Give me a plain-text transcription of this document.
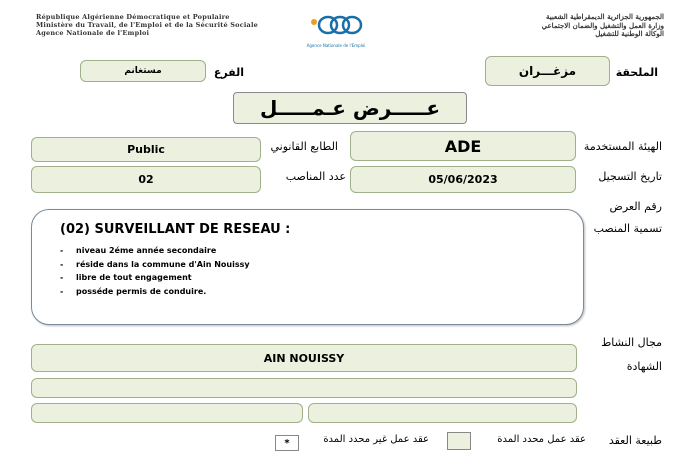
République Algérienne Démocratique et Populaire
Ministère du Travail, de l'Emploi et de la Sécurité Sociale
Agence Nationale de l'Emploi
Agence Nationale de l'Emploi
الجمهورية الجزائرية الديمقراطية الشعبية
وزارة العمل والتشغيل والضمان الاجتماعي
الوكالة الوطنية للتشغيل
الملحقة
مزغـــران
الفرع
مستغانم
عـــــرض عـمـــــل
الهيئة المستخدمة
ADE
الطابع القانوني
Public
تاريخ التسجيل
05/06/2023
عدد المناصب
02
رقم العرض
تسمية المنصب
(02) SURVEILLANT DE RESEAU :
- niveau 2éme année secondaire
- réside dans la commune d'Ain Nouissy
- libre de tout engagement
- posséde permis de conduire.
مجال النشاط
AIN NOUISSY
الشهادة
طبيعة العقد
عقد عمل محدد المدة
عقد عمل غير محدد المدة
*
